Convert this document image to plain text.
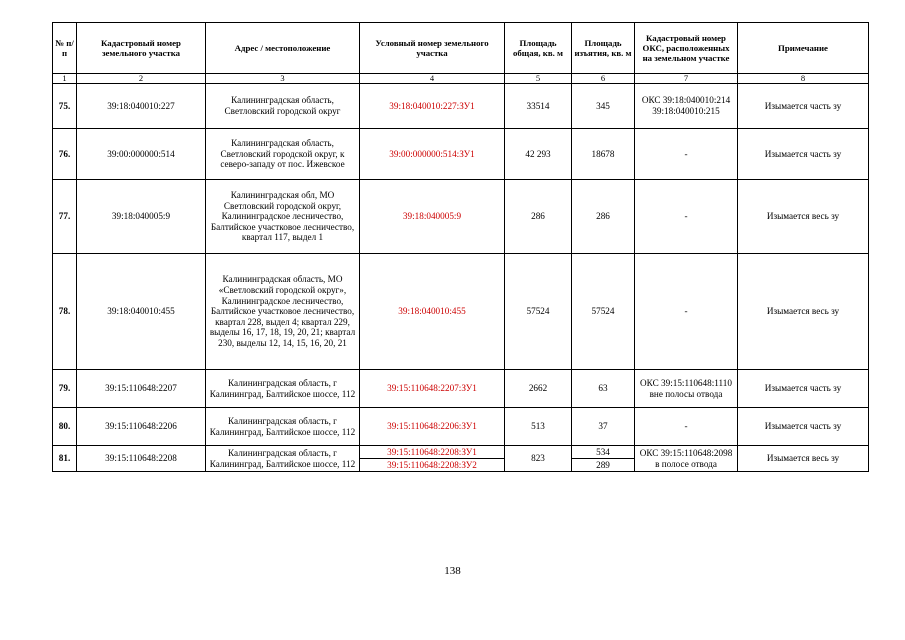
№ п/п	Кадастровый номер земельного участка	Адрес / местоположение	Условный номер земельного участка	Площадь общая, кв. м	Площадь изъятия, кв. м	Кадастровый номер ОКС, расположенных на земельном участке	Примечание
1	2	3	4	5	6	7	8
75.	39:18:040010:227	Калининградская область, Светловский городской округ	39:18:040010:227:ЗУ1	33514	345	ОКС 39:18:040010:214 39:18:040010:215	Изымается часть зу
76.	39:00:000000:514	Калининградская область, Светловский городской округ, к северо-западу от пос. Ижевское	39:00:000000:514:ЗУ1	42 293	18678	-	Изымается часть зу
77.	39:18:040005:9	Калининградская обл, МО Светловский городской округ, Калининградское лесничество, Балтийское участковое лесничество, квартал 117, выдел 1	39:18:040005:9	286	286	-	Изымается весь зу
78.	39:18:040010:455	Калининградская область, МО «Светловский городской округ», Калининградское лесничество, Балтийское участковое лесничество, квартал 228, выдел 4; квартал 229, выделы 16, 17, 18, 19, 20, 21; квартал 230, выделы 12, 14, 15, 16, 20, 21	39:18:040010:455	57524	57524	-	Изымается весь зу
79.	39:15:110648:2207	Калининградская область, г Калининград, Балтийское шоссе, 112	39:15:110648:2207:ЗУ1	2662	63	ОКС 39:15:110648:1110 вне полосы отвода	Изымается часть зу
80.	39:15:110648:2206	Калининградская область, г Калининград, Балтийское шоссе, 112	39:15:110648:2206:ЗУ1	513	37	-	Изымается часть зу
81.	39:15:110648:2208	Калининградская область, г Калининград, Балтийское шоссе, 112	39:15:110648:2208:ЗУ1	823	534	ОКС 39:15:110648:2098 в полосе отвода	Изымается весь зу
			39:15:110648:2208:ЗУ2		289		
138
